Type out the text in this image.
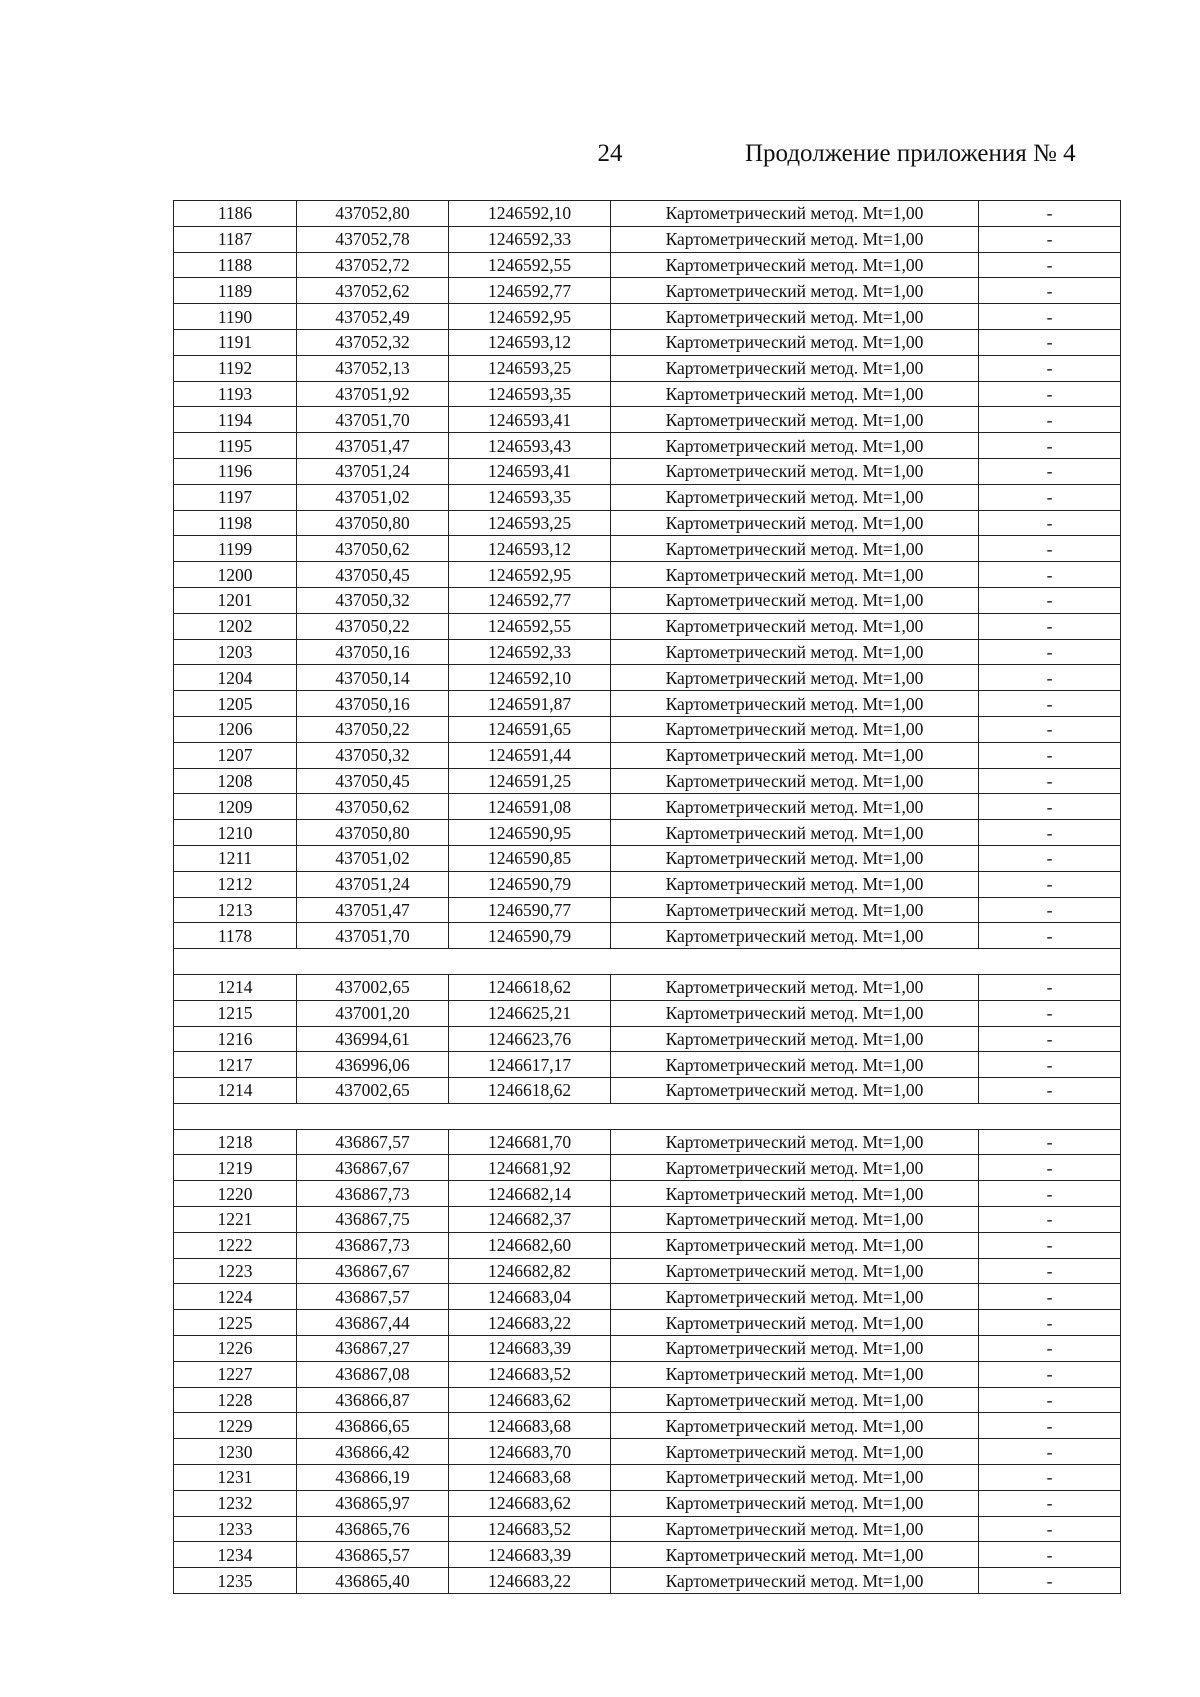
24	Продолжение приложения № 4
1186	437052,80	1246592,10	Картометрический метод. Mt=1,00	-
1187	437052,78	1246592,33	Картометрический метод. Mt=1,00	-
1188	437052,72	1246592,55	Картометрический метод. Mt=1,00	-
1189	437052,62	1246592,77	Картометрический метод. Mt=1,00	-
1190	437052,49	1246592,95	Картометрический метод. Mt=1,00	-
1191	437052,32	1246593,12	Картометрический метод. Mt=1,00	-
1192	437052,13	1246593,25	Картометрический метод. Mt=1,00	-
1193	437051,92	1246593,35	Картометрический метод. Mt=1,00	-
1194	437051,70	1246593,41	Картометрический метод. Mt=1,00	-
1195	437051,47	1246593,43	Картометрический метод. Mt=1,00	-
1196	437051,24	1246593,41	Картометрический метод. Mt=1,00	-
1197	437051,02	1246593,35	Картометрический метод. Mt=1,00	-
1198	437050,80	1246593,25	Картометрический метод. Mt=1,00	-
1199	437050,62	1246593,12	Картометрический метод. Mt=1,00	-
1200	437050,45	1246592,95	Картометрический метод. Mt=1,00	-
1201	437050,32	1246592,77	Картометрический метод. Mt=1,00	-
1202	437050,22	1246592,55	Картометрический метод. Mt=1,00	-
1203	437050,16	1246592,33	Картометрический метод. Mt=1,00	-
1204	437050,14	1246592,10	Картометрический метод. Mt=1,00	-
1205	437050,16	1246591,87	Картометрический метод. Mt=1,00	-
1206	437050,22	1246591,65	Картометрический метод. Mt=1,00	-
1207	437050,32	1246591,44	Картометрический метод. Mt=1,00	-
1208	437050,45	1246591,25	Картометрический метод. Mt=1,00	-
1209	437050,62	1246591,08	Картометрический метод. Mt=1,00	-
1210	437050,80	1246590,95	Картометрический метод. Mt=1,00	-
1211	437051,02	1246590,85	Картометрический метод. Mt=1,00	-
1212	437051,24	1246590,79	Картометрический метод. Mt=1,00	-
1213	437051,47	1246590,77	Картометрический метод. Mt=1,00	-
1178	437051,70	1246590,79	Картометрический метод. Mt=1,00	-

1214	437002,65	1246618,62	Картометрический метод. Mt=1,00	-
1215	437001,20	1246625,21	Картометрический метод. Mt=1,00	-
1216	436994,61	1246623,76	Картометрический метод. Mt=1,00	-
1217	436996,06	1246617,17	Картометрический метод. Mt=1,00	-
1214	437002,65	1246618,62	Картометрический метод. Mt=1,00	-

1218	436867,57	1246681,70	Картометрический метод. Mt=1,00	-
1219	436867,67	1246681,92	Картометрический метод. Mt=1,00	-
1220	436867,73	1246682,14	Картометрический метод. Mt=1,00	-
1221	436867,75	1246682,37	Картометрический метод. Mt=1,00	-
1222	436867,73	1246682,60	Картометрический метод. Mt=1,00	-
1223	436867,67	1246682,82	Картометрический метод. Mt=1,00	-
1224	436867,57	1246683,04	Картометрический метод. Mt=1,00	-
1225	436867,44	1246683,22	Картометрический метод. Mt=1,00	-
1226	436867,27	1246683,39	Картометрический метод. Mt=1,00	-
1227	436867,08	1246683,52	Картометрический метод. Mt=1,00	-
1228	436866,87	1246683,62	Картометрический метод. Mt=1,00	-
1229	436866,65	1246683,68	Картометрический метод. Mt=1,00	-
1230	436866,42	1246683,70	Картометрический метод. Mt=1,00	-
1231	436866,19	1246683,68	Картометрический метод. Mt=1,00	-
1232	436865,97	1246683,62	Картометрический метод. Mt=1,00	-
1233	436865,76	1246683,52	Картометрический метод. Mt=1,00	-
1234	436865,57	1246683,39	Картометрический метод. Mt=1,00	-
1235	436865,40	1246683,22	Картометрический метод. Mt=1,00	-
